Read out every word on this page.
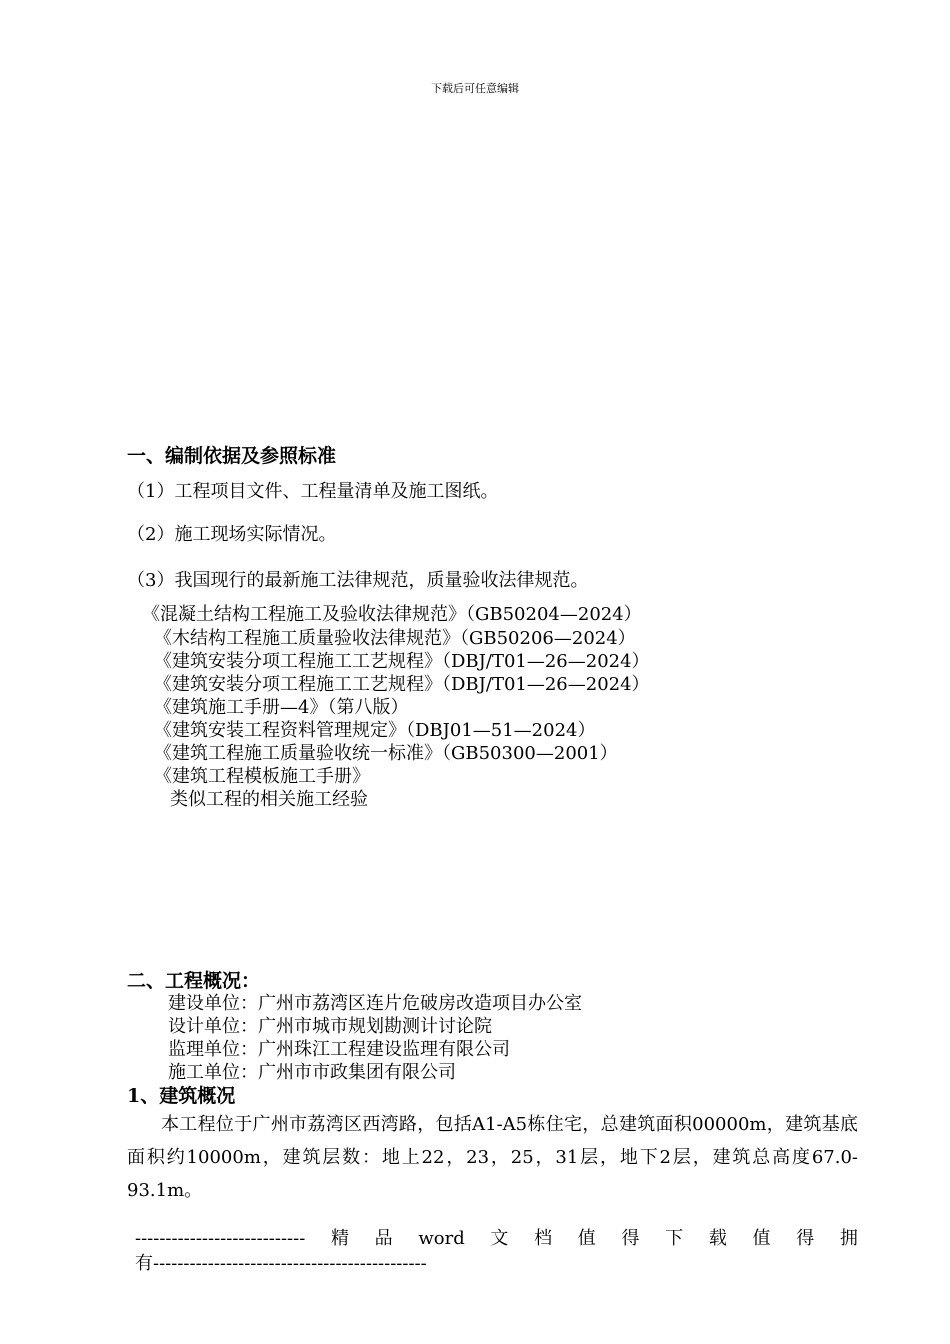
下载后可任意编辑
一、编制依据及参照标准
（1）工程项目文件、工程量清单及施工图纸。
（2）施工现场实际情况。
（3）我国现行的最新施工法律规范，质量验收法律规范。
《混凝土结构工程施工及验收法律规范》（GB50204—2024）
《木结构工程施工质量验收法律规范》（GB50206—2024）
《建筑安装分项工程施工工艺规程》（DBJ/T01—26—2024）
《建筑安装分项工程施工工艺规程》（DBJ/T01—26—2024）
《建筑施工手册—4》（第八版）
《建筑安装工程资料管理规定》（DBJ01—51—2024）
《建筑工程施工质量验收统一标准》（GB50300—2001）
《建筑工程模板施工手册》
类似工程的相关施工经验
二、工程概况：
建设单位：广州市荔湾区连片危破房改造项目办公室
设计单位：广州市城市规划勘测计讨论院
监理单位：广州珠江工程建设监理有限公司
施工单位：广州市市政集团有限公司
1、建筑概况
本工程位于广州市荔湾区西湾路，包括A1-A5栋住宅，总建筑面积00000m，建筑基底面积约10000m，建筑层数：地上22，23，25，31层，地下2层，建筑总高度67.0-93.1m。
---------------------------- 精 品 word 文 档 值 得 下 载 值 得 拥
有---------------------------------------------
